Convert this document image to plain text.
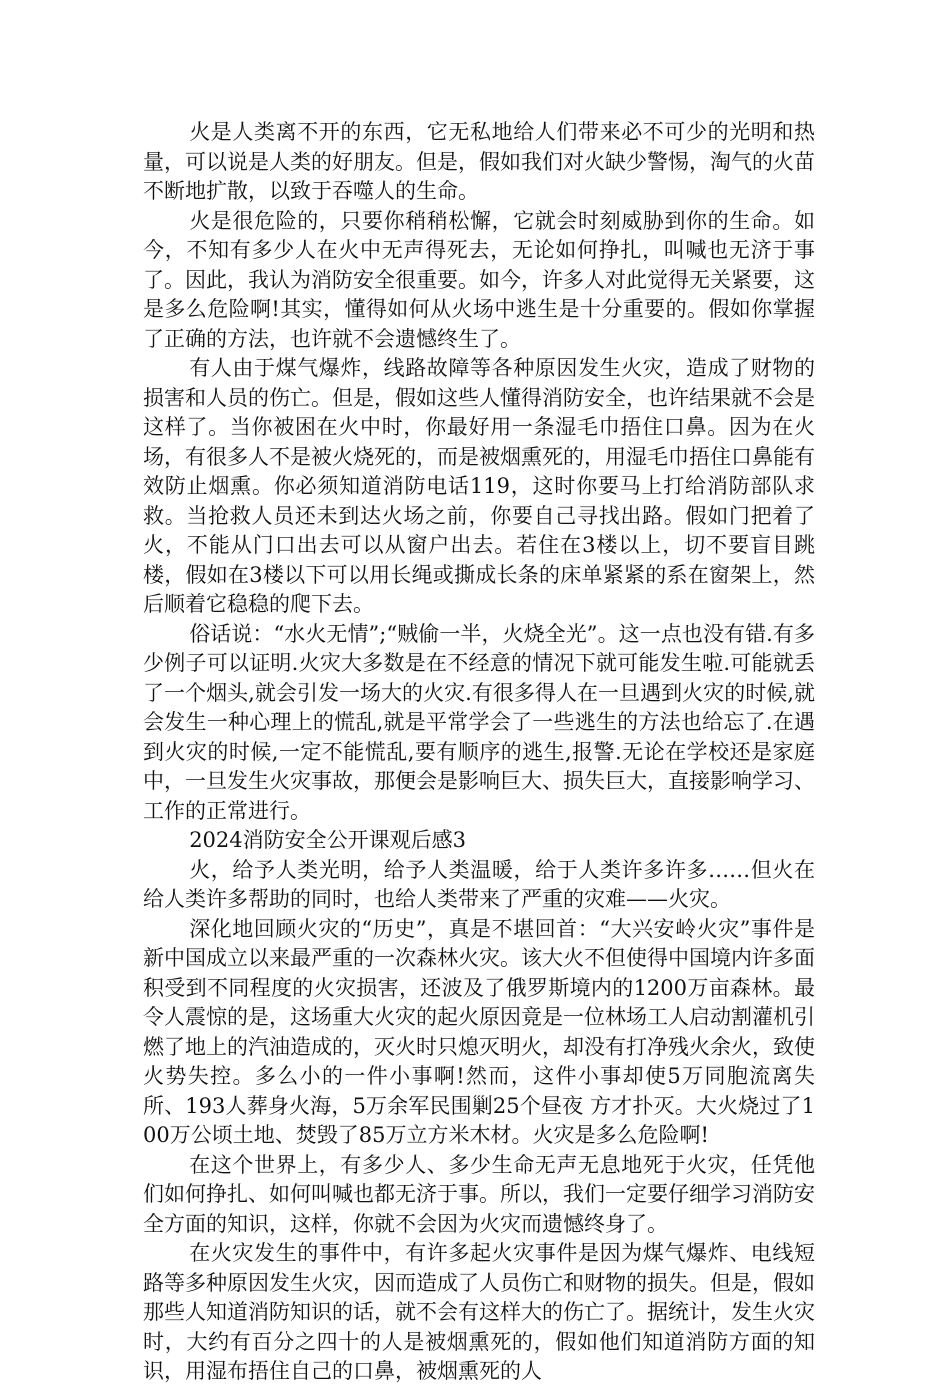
火是人类离不开的东西，它无私地给人们带来必不可少的光明和热量，可以说是人类的好朋友。但是，假如我们对火缺少警惕，淘气的火苗不断地扩散，以致于吞噬人的生命。

火是很危险的，只要你稍稍松懈，它就会时刻威胁到你的生命。如今，不知有多少人在火中无声得死去，无论如何挣扎，叫喊也无济于事了。因此，我认为消防安全很重要。如今，许多人对此觉得无关紧要，这是多么危险啊!其实，懂得如何从火场中逃生是十分重要的。假如你掌握了正确的方法，也许就不会遗憾终生了。

有人由于煤气爆炸，线路故障等各种原因发生火灾，造成了财物的损害和人员的伤亡。但是，假如这些人懂得消防安全，也许结果就不会是这样了。当你被困在火中时，你最好用一条湿毛巾捂住口鼻。因为在火场，有很多人不是被火烧死的，而是被烟熏死的，用湿毛巾捂住口鼻能有效防止烟熏。你必须知道消防电话119，这时你要马上打给消防部队求救。当抢救人员还未到达火场之前，你要自己寻找出路。假如门把着了火，不能从门口出去可以从窗户出去。若住在3楼以上，切不要盲目跳楼，假如在3楼以下可以用长绳或撕成长条的床单紧紧的系在窗架上，然后顺着它稳稳的爬下去。

俗话说：“水火无情”;“贼偷一半，火烧全光”。这一点也没有错.有多少例子可以证明.火灾大多数是在不经意的情况下就可能发生啦.可能就丢了一个烟头,就会引发一场大的火灾.有很多得人在一旦遇到火灾的时候,就会发生一种心理上的慌乱,就是平常学会了一些逃生的方法也给忘了.在遇到火灾的时候,一定不能慌乱,要有顺序的逃生,报警.无论在学校还是家庭中，一旦发生火灾事故，那便会是影响巨大、损失巨大，直接影响学习、工作的正常进行。

2024消防安全公开课观后感3

火，给予人类光明，给予人类温暖，给于人类许多许多……但火在给人类许多帮助的同时，也给人类带来了严重的灾难——火灾。

深化地回顾火灾的“历史”，真是不堪回首：“大兴安岭火灾”事件是新中国成立以来最严重的一次森林火灾。该大火不但使得中国境内许多面积受到不同程度的火灾损害，还波及了俄罗斯境内的1200万亩森林。最令人震惊的是，这场重大火灾的起火原因竟是一位林场工人启动割灌机引燃了地上的汽油造成的，灭火时只熄灭明火，却没有打净残火余火，致使火势失控。多么小的一件小事啊!然而，这件小事却使5万同胞流离失所、193人葬身火海，5万余军民围剿25个昼夜 方才扑灭。大火烧过了100万公顷土地、焚毁了85万立方米木材。火灾是多么危险啊!

在这个世界上，有多少人、多少生命无声无息地死于火灾，任凭他们如何挣扎、如何叫喊也都无济于事。所以，我们一定要仔细学习消防安全方面的知识，这样，你就不会因为火灾而遗憾终身了。

在火灾发生的事件中，有许多起火灾事件是因为煤气爆炸、电线短路等多种原因发生火灾，因而造成了人员伤亡和财物的损失。但是，假如那些人知道消防知识的话，就不会有这样大的伤亡了。据统计，发生火灾时，大约有百分之四十的人是被烟熏死的，假如他们知道消防方面的知识，用湿布捂住自己的口鼻，被烟熏死的人
